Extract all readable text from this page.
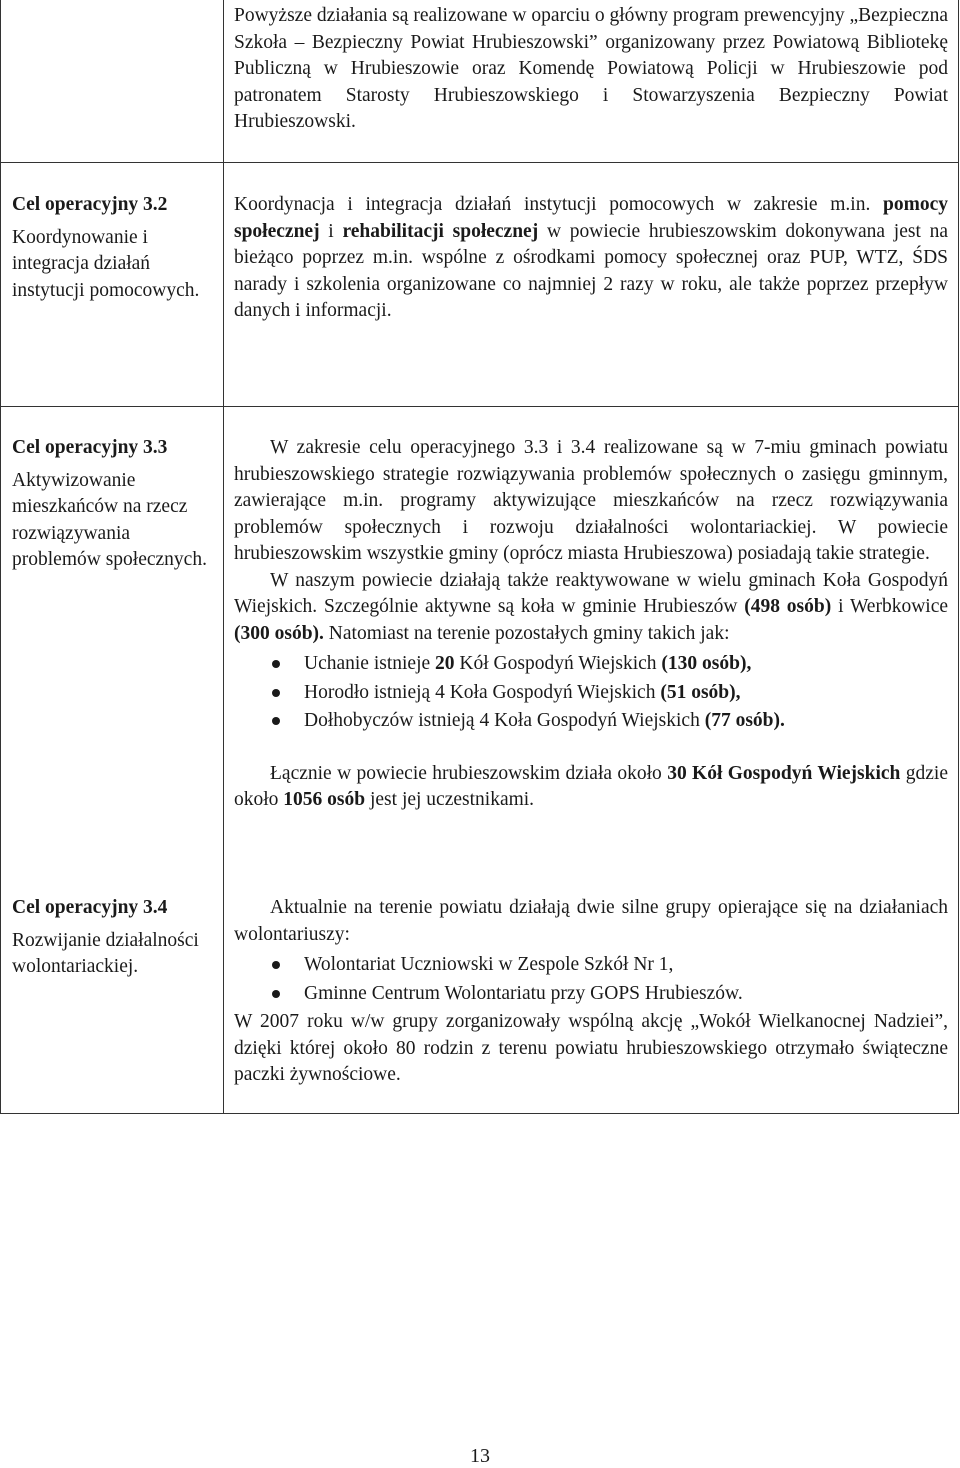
Powyższe działania są realizowane w oparciu o główny program prewencyjny „Bezpieczna Szkoła – Bezpieczny Powiat Hrubieszowski” organizowany przez Powiatową Bibliotekę Publiczną w Hrubieszowie oraz Komendę Powiatową Policji w Hrubieszowie pod patronatem Starosty Hrubieszowskiego i Stowarzyszenia Bezpieczny Powiat Hrubieszowski.
Cel operacyjny 3.2
Koordynowanie i integracja działań instytucji pomocowych.
Koordynacja i integracja działań instytucji pomocowych w zakresie m.in. pomocy społecznej i rehabilitacji społecznej w powiecie hrubieszowskim dokonywana jest na bieżąco poprzez m.in. wspólne z ośrodkami pomocy społecznej oraz PUP, WTZ, ŚDS narady i szkolenia organizowane co najmniej 2 razy w roku, ale także poprzez przepływ danych i informacji.
Cel operacyjny 3.3
Aktywizowanie mieszkańców na rzecz rozwiązywania problemów społecznych.
W zakresie celu operacyjnego 3.3 i 3.4 realizowane są w 7-miu gminach powiatu hrubieszowskiego strategie rozwiązywania problemów społecznych o zasięgu gminnym, zawierające m.in. programy aktywizujące mieszkańców na rzecz rozwiązywania problemów społecznych i rozwoju działalności wolontariackiej. W powiecie hrubieszowskim wszystkie gminy (oprócz miasta Hrubieszowa) posiadają takie strategie.
W naszym powiecie działają także reaktywowane w wielu gminach Koła Gospodyń Wiejskich. Szczególnie aktywne są koła w gminie Hrubieszów (498 osób) i Werbkowice (300 osób). Natomiast na terenie pozostałych gminy takich jak:
Uchanie istnieje 20 Kół Gospodyń Wiejskich (130 osób),
Horodło istnieją 4 Koła Gospodyń Wiejskich (51 osób),
Dołhobyczów istnieją 4 Koła Gospodyń Wiejskich (77 osób).
Łącznie w powiecie hrubieszowskim działa około 30 Kół Gospodyń Wiejskich gdzie około 1056 osób jest jej uczestnikami.
Cel operacyjny 3.4
Rozwijanie działalności wolontariackiej.
Aktualnie na terenie powiatu działają dwie silne grupy opierające się na działaniach wolontariuszy:
Wolontariat Uczniowski w Zespole Szkół Nr 1,
Gminne Centrum Wolontariatu przy GOPS Hrubieszów.
W 2007 roku w/w grupy zorganizowały wspólną akcję „Wokół Wielkanocnej Nadziei”, dzięki której około 80 rodzin z terenu powiatu hrubieszowskiego otrzymało świąteczne paczki żywnościowe.
13
